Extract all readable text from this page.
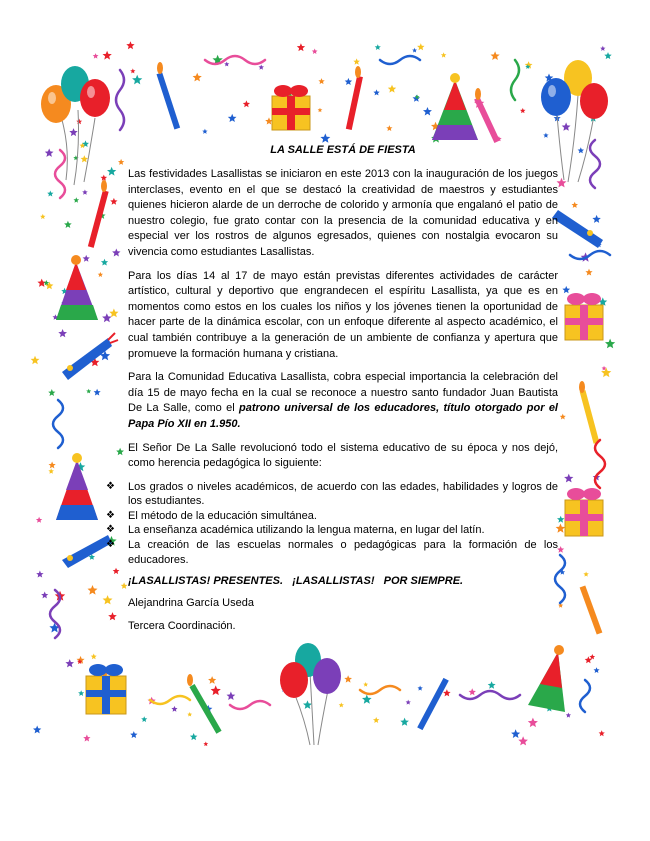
LA SALLE ESTÁ DE FIESTA

Las festividades Lasallistas se iniciaron en este 2013 con la inauguración de los juegos interclases, evento en el que se destacó la creatividad de maestros y estudiantes quienes hicieron alarde de un derroche de colorido y armonía que engalanó el patio de nuestro colegio, fue grato contar con la presencia de la comunidad educativa y en especial ver los rostros de algunos egresados, quienes con nostalgia evocaron su vivencia como estudiantes Lasallistas.

Para los días 14 al 17 de mayo están previstas diferentes actividades de carácter artístico, cultural y deportivo que engrandecen el espíritu Lasallista, ya que es en momentos como estos en los cuales los niños y los jóvenes tienen la oportunidad de hacer parte de la dinámica escolar, con un enfoque diferente al aspecto académico, el cual también contribuye a la generación de un ambiente de confianza y apertura que promueve la formación humana y cristiana.

Para la Comunidad Educativa Lasallista, cobra especial importancia la celebración del día 15 de mayo fecha en la cual se reconoce a nuestro santo fundador Juan Bautista De La Salle, como el patrono universal de los educadores, título otorgado por el Papa Pío XII en 1.950.

El Señor De La Salle revolucionó todo el sistema educativo de su época y nos dejó, como herencia pedagógica lo siguiente:

❖ Los grados o niveles académicos, de acuerdo con las edades, habilidades y logros de los estudiantes.
❖ El método de la educación simultánea.
❖ La enseñanza académica utilizando la lengua materna, en lugar del latín.
❖ La creación de las escuelas normales o pedagógicas para la formación de los educadores.
¡LASALLISTAS! PRESENTES.   ¡LASALLISTAS!   POR SIEMPRE.
Alejandrina García Useda
Tercera Coordinación.
